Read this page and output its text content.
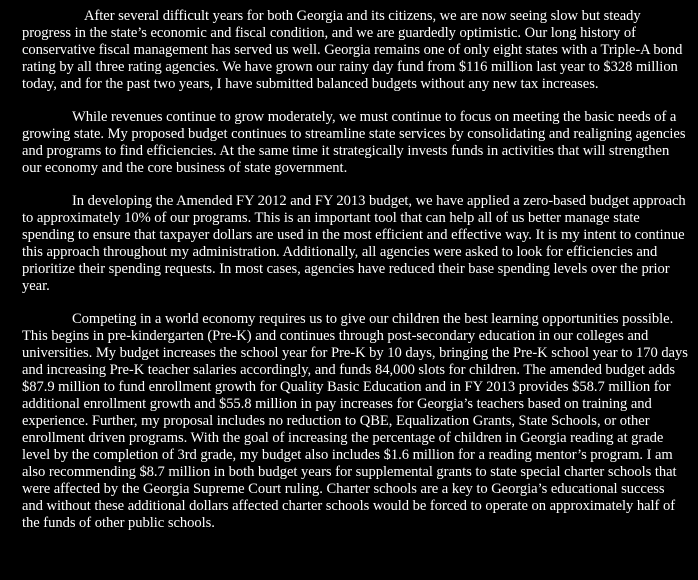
After several difficult years for both Georgia and its citizens, we are now seeing slow but steady progress in the state’s economic and fiscal condition, and we are guardedly optimistic. Our long history of conservative fiscal management has served us well. Georgia remains one of only eight states with a Triple-A bond rating by all three rating agencies. We have grown our rainy day fund from $116 million last year to $328 million today, and for the past two years, I have submitted balanced budgets without any new tax increases.

While revenues continue to grow moderately, we must continue to focus on meeting the basic needs of a growing state. My proposed budget continues to streamline state services by consolidating and realigning agencies and programs to find efficiencies. At the same time it strategically invests funds in activities that will strengthen our economy and the core business of state government.

In developing the Amended FY 2012 and FY 2013 budget, we have applied a zero-based budget approach to approximately 10% of our programs. This is an important tool that can help all of us better manage state spending to ensure that taxpayer dollars are used in the most efficient and effective way. It is my intent to continue this approach throughout my administration. Additionally, all agencies were asked to look for efficiencies and prioritize their spending requests. In most cases, agencies have reduced their base spending levels over the prior year.

Competing in a world economy requires us to give our children the best learning opportunities possible. This begins in pre-kindergarten (Pre-K) and continues through post-secondary education in our colleges and universities. My budget increases the school year for Pre-K by 10 days, bringing the Pre-K school year to 170 days and increasing Pre-K teacher salaries accordingly, and funds 84,000 slots for children. The amended budget adds $87.9 million to fund enrollment growth for Quality Basic Education and in FY 2013 provides $58.7 million for additional enrollment growth and $55.8 million in pay increases for Georgia’s teachers based on training and experience. Further, my proposal includes no reduction to QBE, Equalization Grants, State Schools, or other enrollment driven programs. With the goal of increasing the percentage of children in Georgia reading at grade level by the completion of 3rd grade, my budget also includes $1.6 million for a reading mentor’s program. I am also recommending $8.7 million in both budget years for supplemental grants to state special charter schools that were affected by the Georgia Supreme Court ruling. Charter schools are a key to Georgia’s educational success and without these additional dollars affected charter schools would be forced to operate on approximately half of the funds of other public schools.
